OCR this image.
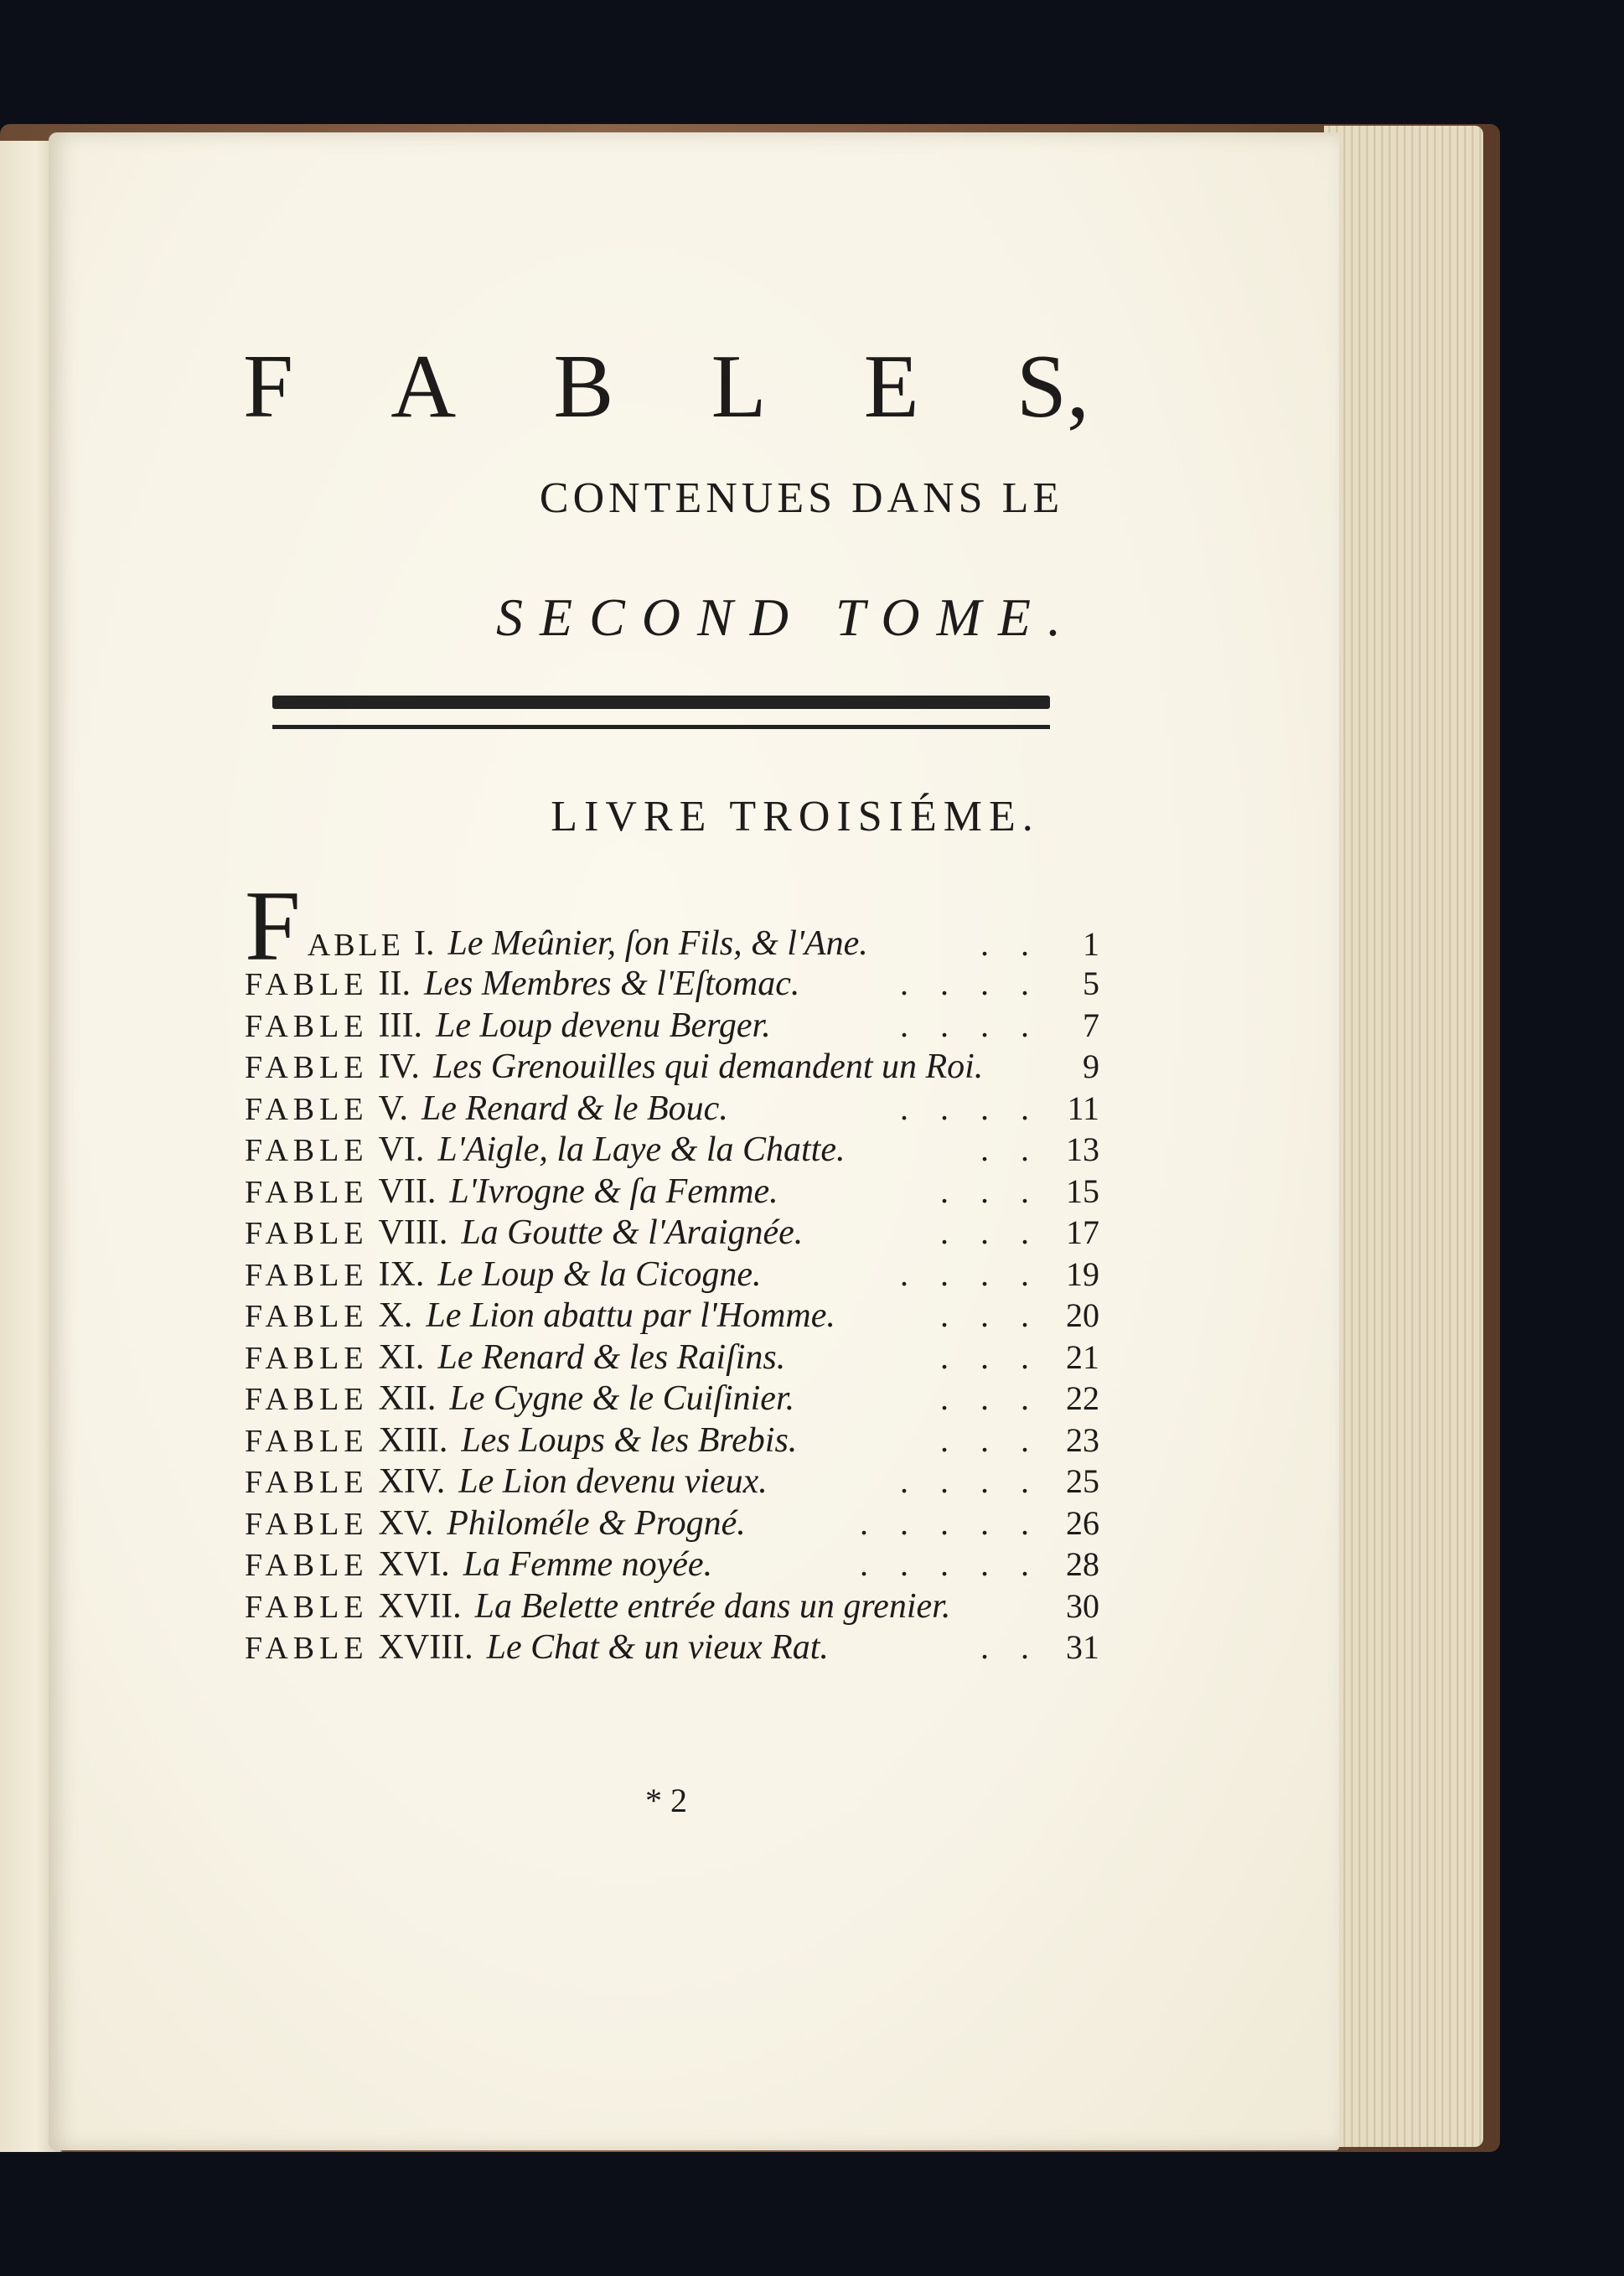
F A B L E S,
CONTENUES DANS LE
SECOND TOME.
LIVRE TROISIÉME.
FABLE I. Le Meûnier, ſon Fils, & l'Ane.	. .	1
FABLE II. Les Membres & l'Eſtomac.	. . . .	5
FABLE III. Le Loup devenu Berger.	. . . .	7
FABLE IV. Les Grenouilles qui demandent un Roi.	9
FABLE V. Le Renard & le Bouc.	. . . . 11
FABLE VI. L'Aigle, la Laye & la Chatte.	. . 13
FABLE VII. L'Ivrogne & ſa Femme.	. . . 15
FABLE VIII. La Goutte & l'Araignée.	. . . 17
FABLE IX. Le Loup & la Cicogne.	. . . . 19
FABLE X. Le Lion abattu par l'Homme.	. . . 20
FABLE XI. Le Renard & les Raiſins.	. . . 21
FABLE XII. Le Cygne & le Cuiſinier.	. . . 22
FABLE XIII. Les Loups & les Brebis.	. . . 23
FABLE XIV. Le Lion devenu vieux.	. . . . 25
FABLE XV. Philoméle & Progné.	. . . . . 26
FABLE XVI. La Femme noyée.	. . . . . 28
FABLE XVII. La Belette entrée dans un grenier.	30
FABLE XVIII. Le Chat & un vieux Rat.	. . 31
* 2
